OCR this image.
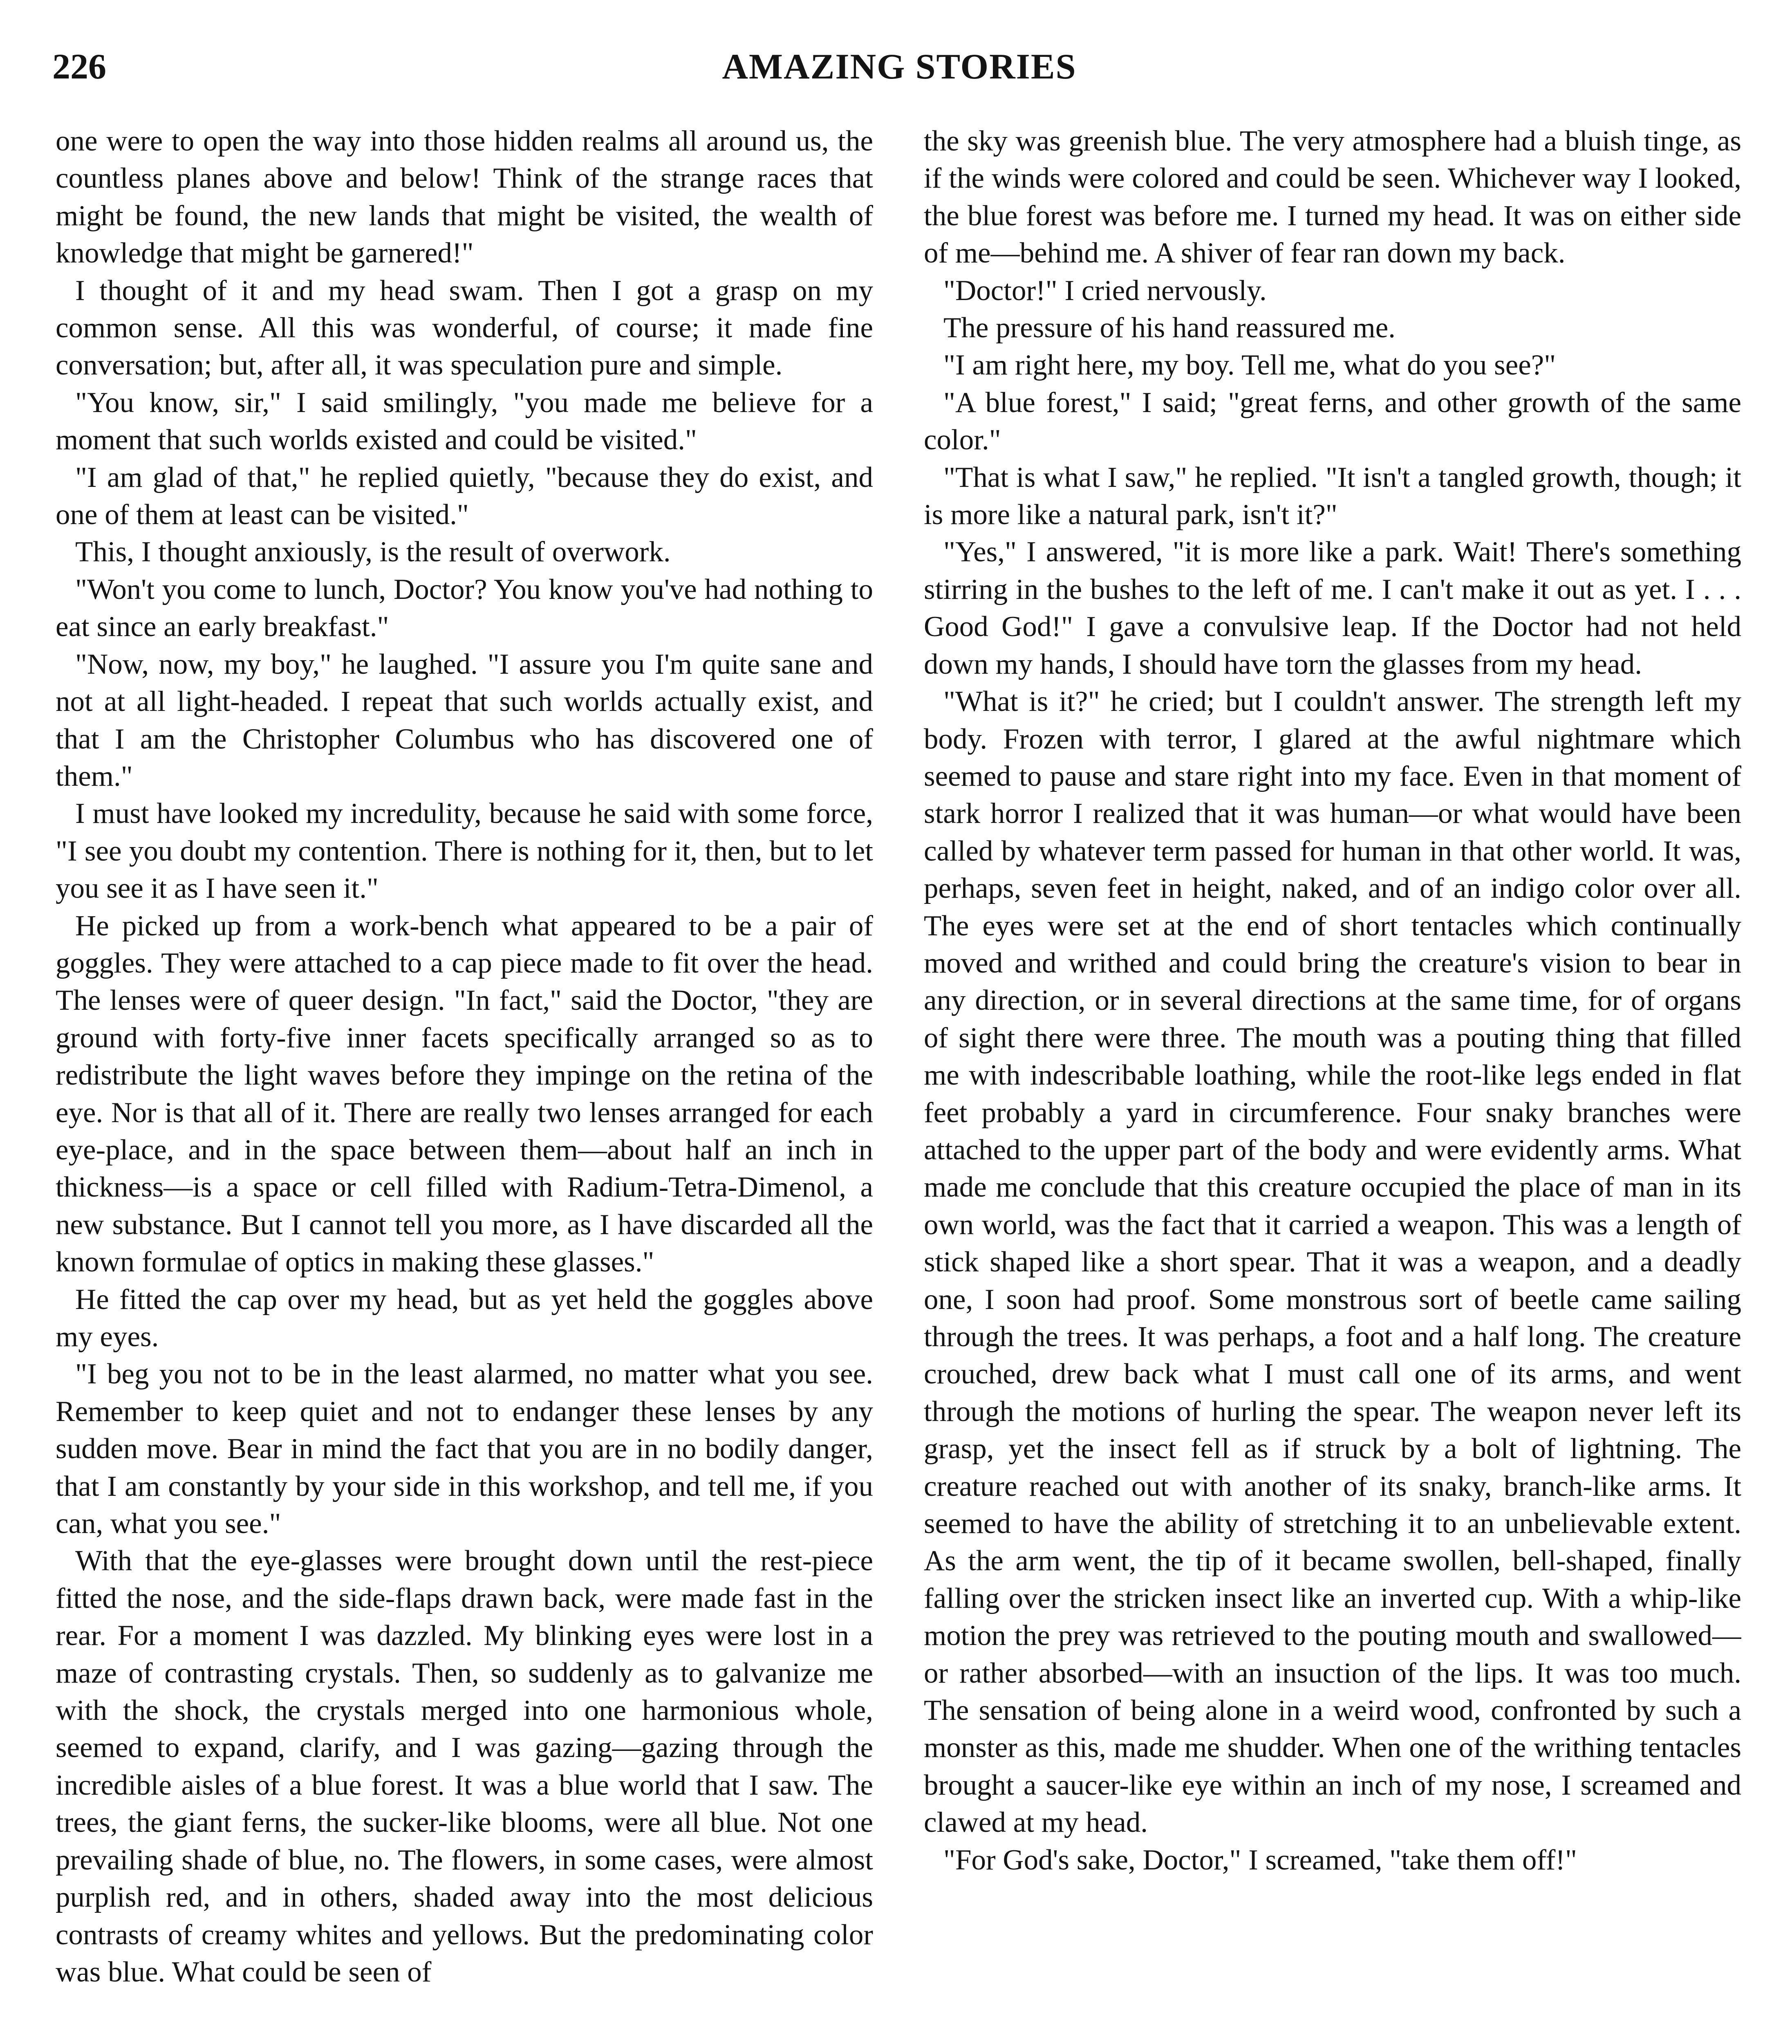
226	AMAZING STORIES

one were to open the way into those hidden realms all around us, the countless planes above and below! Think of the strange races that might be found, the new lands that might be visited, the wealth of knowledge that might be garnered!"

I thought of it and my head swam. Then I got a grasp on my common sense. All this was wonderful, of course; it made fine conversation; but, after all, it was speculation pure and simple.

"You know, sir," I said smilingly, "you made me believe for a moment that such worlds existed and could be visited."

"I am glad of that," he replied quietly, "because they do exist, and one of them at least can be visited."

This, I thought anxiously, is the result of overwork.

"Won't you come to lunch, Doctor? You know you've had nothing to eat since an early breakfast."

"Now, now, my boy," he laughed. "I assure you I'm quite sane and not at all light-headed. I repeat that such worlds actually exist, and that I am the Christopher Columbus who has discovered one of them."

I must have looked my incredulity, because he said with some force, "I see you doubt my contention. There is nothing for it, then, but to let you see it as I have seen it."

He picked up from a work-bench what appeared to be a pair of goggles. They were attached to a cap piece made to fit over the head. The lenses were of queer design. "In fact," said the Doctor, "they are ground with forty-five inner facets specifically arranged so as to redistribute the light waves before they impinge on the retina of the eye. Nor is that all of it. There are really two lenses arranged for each eye-place, and in the space between them—about half an inch in thickness—is a space or cell filled with Radium-Tetra-Dimenol, a new substance. But I cannot tell you more, as I have discarded all the known formulae of optics in making these glasses."

He fitted the cap over my head, but as yet held the goggles above my eyes.

"I beg you not to be in the least alarmed, no matter what you see. Remember to keep quiet and not to endanger these lenses by any sudden move. Bear in mind the fact that you are in no bodily danger, that I am constantly by your side in this workshop, and tell me, if you can, what you see."

With that the eye-glasses were brought down until the rest-piece fitted the nose, and the side-flaps drawn back, were made fast in the rear. For a moment I was dazzled. My blinking eyes were lost in a maze of contrasting crystals. Then, so suddenly as to galvanize me with the shock, the crystals merged into one harmonious whole, seemed to expand, clarify, and I was gazing—gazing through the incredible aisles of a blue forest. It was a blue world that I saw. The trees, the giant ferns, the sucker-like blooms, were all blue. Not one prevailing shade of blue, no. The flowers, in some cases, were almost purplish red, and in others, shaded away into the most delicious contrasts of creamy whites and yellows. But the predominating color was blue. What could be seen of

the sky was greenish blue. The very atmosphere had a bluish tinge, as if the winds were colored and could be seen. Whichever way I looked, the blue forest was before me. I turned my head. It was on either side of me—behind me. A shiver of fear ran down my back.

"Doctor!" I cried nervously.

The pressure of his hand reassured me.

"I am right here, my boy. Tell me, what do you see?"

"A blue forest," I said; "great ferns, and other growth of the same color."

"That is what I saw," he replied. "It isn't a tangled growth, though; it is more like a natural park, isn't it?"

"Yes," I answered, "it is more like a park. Wait! There's something stirring in the bushes to the left of me. I can't make it out as yet. I . . . Good God!" I gave a convulsive leap. If the Doctor had not held down my hands, I should have torn the glasses from my head.

"What is it?" he cried; but I couldn't answer. The strength left my body. Frozen with terror, I glared at the awful nightmare which seemed to pause and stare right into my face. Even in that moment of stark horror I realized that it was human—or what would have been called by whatever term passed for human in that other world. It was, perhaps, seven feet in height, naked, and of an indigo color over all. The eyes were set at the end of short tentacles which continually moved and writhed and could bring the creature's vision to bear in any direction, or in several directions at the same time, for of organs of sight there were three. The mouth was a pouting thing that filled me with indescribable loathing, while the root-like legs ended in flat feet probably a yard in circumference. Four snaky branches were attached to the upper part of the body and were evidently arms. What made me conclude that this creature occupied the place of man in its own world, was the fact that it carried a weapon. This was a length of stick shaped like a short spear. That it was a weapon, and a deadly one, I soon had proof. Some monstrous sort of beetle came sailing through the trees. It was perhaps, a foot and a half long. The creature crouched, drew back what I must call one of its arms, and went through the motions of hurling the spear. The weapon never left its grasp, yet the insect fell as if struck by a bolt of lightning. The creature reached out with another of its snaky, branch-like arms. It seemed to have the ability of stretching it to an unbelievable extent. As the arm went, the tip of it became swollen, bell-shaped, finally falling over the stricken insect like an inverted cup. With a whip-like motion the prey was retrieved to the pouting mouth and swallowed—or rather absorbed—with an insuction of the lips. It was too much. The sensation of being alone in a weird wood, confronted by such a monster as this, made me shudder. When one of the writhing tentacles brought a saucer-like eye within an inch of my nose, I screamed and clawed at my head.

"For God's sake, Doctor," I screamed, "take them off!"
